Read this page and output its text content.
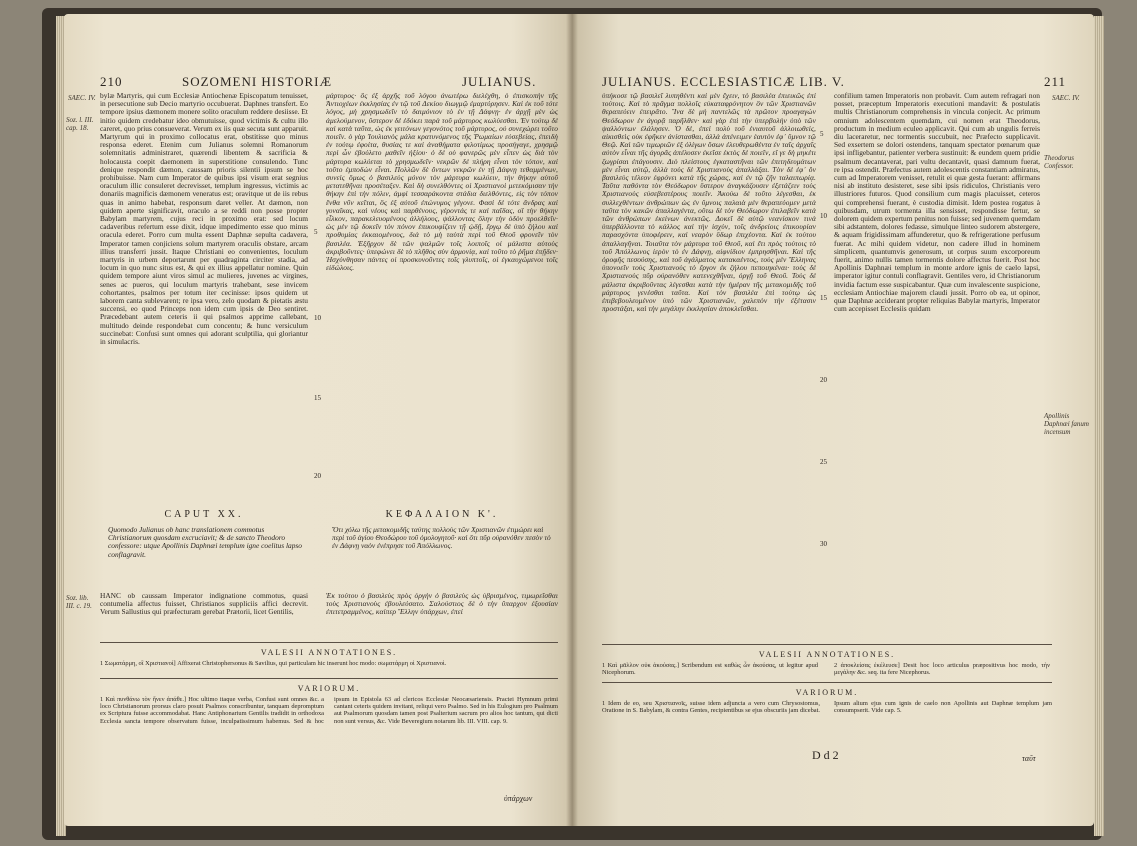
210	SOZOMENI HISTORIÆ	JULIANUS.
SAEC. IV.
Soz. l. III. cap. 18.
bylæ Martyris, qui cum Ecclesiæ Antiochenæ Episcopatum tenuisset, in persecutione sub Decio martyrio occubuerat. Daphnes transfert. Eo tempore ipsius dæmonem monere solito oraculum reddere desiisse. Et initio quidem credebatur ideo obmutuisse, quod victimis & cultu illo careret, quo prius consueverat. Verum ex iis quæ secuta sunt apparuit. Martyrum qui in proximo collocatus erat, obstitisse quo minus responsa ederet. Etenim cum Julianus solemni Romanorum solemnitatis administraret, quærendi libentem & sacrificia & holocausta coepit daemonem in superstitione consulendo. Tunc denique respondit dæmon, caussam prioris silentii ipsum se hoc prohibuisse. Nam cum Imperator de quibus ipsi visum erat segnius oraculum illic consuleret decrevisset, templum ingressus, victimis ac donariis magnificis dæmonem veneratus est; oravitque ut de iis rebus quas in animo habebat, responsum daret veller. At dæmon, non quidem aperte significavit, oraculo a se reddi non posse propter Babylam martyrem, cujus reci in proximo erat: sed locum cadaveribus refertum esse dixit, idque impedimento esse quo minus oracula ederet. Porro cum multa essent Daphnæ sepulta cadavera, Imperator tamen conjiciens solum martyrem oraculis obstare, arcam illius transferri jussit. Itaque Christiani eo convenientes, loculum martyris in urbem deportarunt per quadraginta circiter stadia, ad locum in quo nunc situs est, & qui ex illius appellatur nomine. Quin quidem tempore aiunt viros simul ac mulieres, juvenes ac virgines, senes ac pueros, qui loculum martyris trahebant, sese invicem cohortantes, psalmos per totum iter cecinisse: ipsos quidem ut laborem canta sublevarent; re ipsa vero, zelo quodam & pietatis æstu succensi, eo quod Princeps non idem cum ipsis de Deo sentiret. Præcedebant autem ceteris ii qui psalmos apprime callebant, multitudo deinde respondebat cum concentu; & hunc versiculum succinebat: Confusi sunt omnes qui adorant sculptilia, qui gloriantur in simulacris.
5
10
15
20
μάρτυρος· ὃς ἐξ ἀρχῆς τοῦ λόγου ἀνωτέρω διελέχθη, ὁ ἐπισκοπὴν τῆς Ἀντιοχέων ἐκκλησίας ἐν τῷ τοῦ Δεκίου διωγμῷ ἐμαρτύρησεν. Καὶ ἐκ τοῦ τότε λόγος, μὴ χρησμωδεῖν τὸ δαιμόνιον τὸ ἐν τῇ Δάφνῃ· ἐν ἀρχῇ μὲν ὡς ἀμελούμενον, ὕστερον δὲ ἐδόκει παρὰ τοῦ μάρτυρος κωλύεσθαι. Ἐν τούτῳ δὲ καὶ κατὰ ταῦτα, ὡς ἐκ γειτόνων γεγονότος τοῦ μάρτυρος, οὐ συνεχώρει τοῦτο ποιεῖν. ὁ γὰρ Ἰουλιανὸς μάλα κρατυνόμενος τῆς Ῥωμαίων εὐσεβείας, ἐπειδὴ ἐν τούτῳ ἐφοίτα, θυσίας τε καὶ ἀναθήματα φιλοτίμως προσήγαγε, χρησμῷ περὶ ὧν ἐβούλετο μαθεῖν ἠξίου· ὁ δὲ οὐ φανερῶς μὲν εἶπεν ὡς διὰ τὸν μάρτυρα κωλύεται τὸ χρησμωδεῖν· νεκρῶν δὲ πλήρη εἶναι τὸν τόπον, καὶ τοῦτο ἐμποδὼν εἶναι. Πολλῶν δὲ ὄντων νεκρῶν ἐν τῇ Δάφνῃ τεθαμμένων, συνεὶς ὅμως ὁ βασιλεὺς μόνον τὸν μάρτυρα κωλύειν, τὴν θήκην αὐτοῦ μετατεθῆναι προσέταξεν. Καὶ δὴ συνελθόντες οἱ Χριστιανοὶ μετεκόμισαν τὴν θήκην ἐπὶ τὴν πόλιν, ἀμφὶ τεσσαράκοντα στάδια διελθόντες, εἰς τὸν τόπον ἔνθα νῦν κεῖται, ὃς ἐξ αὐτοῦ ἐπώνυμος γέγονε. Φασὶ δὲ τότε ἄνδρας καὶ γυναῖκας, καὶ νέους καὶ παρθένους, γέροντάς τε καὶ παῖδας, οἳ τὴν θήκην εἷλκον, παρακελευομένους ἀλλήλους, ψάλλοντας ὅλην τὴν ὁδὸν προελθεῖν· ὡς μὲν τῷ δοκεῖν τὸν πόνον ἐπικουφίζειν τῇ ᾠδῇ, ἔργῳ δὲ ὑπὸ ζήλου καὶ προθυμίας ἐκκαιομένους, διὰ τὸ μὴ ταὐτὰ περὶ τοῦ Θεοῦ φρονεῖν τὸν βασιλέα. Ἐξῆρχον δὲ τῶν ψαλμῶν τοῖς λοιποῖς οἱ μάλιστα αὐτοὺς ἀκριβοῦντες· ὑπεφώνει δὲ τὸ πλῆθος σὺν ἁρμονίᾳ, καὶ τοῦτο τὸ ῥῆμα ἐπῇδεν· Ἠσχύνθησαν πάντες οἱ προσκυνοῦντες τοῖς γλυπτοῖς, οἱ ἐγκαυχώμενοι τοῖς εἰδώλοις.
CAPUT XX.	ΚΕΦΑΛΑΙΟΝ Κ'.
Quomodo Julianus ob hanc translationem commotus Christianorum quosdam excruciavit; & de sancto Theodoro confessore: utque Apollinis Daphnæi templum igne coelitus lapso conflagravit.
Ὅτι χόλω τῆς μετακομιδῆς ταύτης πολλοὺς τῶν Χριστιανῶν ἐτιμώρει καὶ περὶ τοῦ ἁγίου Θεοδώρου τοῦ ὁμολογητοῦ· καὶ ὅτι πῦρ οὐρανόθεν πεσὸν τὸ ἐν Δάφνῃ ναὸν ἐνέπρησε τοῦ Ἀπόλλωνος.
Soz. lib. III. c. 19.
HANC ob caussam Imperator indignatione commotus, quasi contumelia affectus fuisset, Christianos suppliciis affici decrevit. Verum Sallustius qui præfecturam gerebat Prætorii, licet Gentilis,
Ἐκ τούτου ὁ βασιλεὺς πρὸς ὀργὴν ὁ βασιλεὺς ὡς ὑβρισμένος, τιμωρεῖσθαι τοὺς Χριστιανοὺς ἐβουλεύσατο. Σαλούστιος δὲ ὁ τὴν ὕπαρχον ἐξουσίαν ἐπιτετραμμένος, καίπερ Ἕλλην ὑπάρχων, ἐπεί
VALESII ANNOTATIONES.
1 Σωματάρμη, οἳ Χριστιανοί] Affixerat Christophersonus & Savilius, qui particulam hic inserunt hoc modo: σωματάρμη οἱ Χριστιανοὶ.
VARIORUM.
1 Καὶ πυνθάνω τὸν ἥνεν ἀπάθε.] Hoc ultimo itaque verba, Confusi sunt omnes &c. a loco Christianorum prorsus claro posuit Psalmos conscribuntur, tanquam depromptum ex Scriptura fuisse accommodabat. Hanc Antiphonarium Gentilis tradidit in orthodoxa Ecclesia sancta tempore observatum fuisse, inculpatissimum habemus. Sed & hoc ipsum in Epistola 63 ad clericos Ecclesiæ Neocæsariensis. Practei Hymnum primi cantant ceteris quidem invitant, reliqui vero Psalmo. Sed in his Eulogium pro Psalmum aut Psalmorum quosdam tamen post Psalterium sacrum pro alios hoc tantum, qui dicti non sunt versus, &c. Vide Beveregium notarum lib. III. VIII. cap. 9.
ὑπάρχων
JULIANUS. ECCLESIASTICÆ LIB. V.	211
SAEC. IV.
Theodorus Confessor.
Apollinis Daphnæi fanum incensum
ὑπήκοσε τῷ βασιλεῖ λυπηθέντι καὶ μὲν ἔχειν, τὸ βασιλέα ἐπιεικῶς ἐπὶ τούτοις. Καὶ τὸ πρᾶγμα πολλοῖς εὐκαταφρόνητον ὃν τῶν Χριστιανῶν θεραπεύειν ἐπειρᾶτο. Ἵνα δὲ μὴ παντελῶς τὰ πρῶτον προαγαγὼν Θεόδωρον ἐν ἀγορᾷ παρῆλθεν· καὶ γὰρ ἐπὶ τὴν ὑπερβολὴν ὑπὸ τῶν ψαλλόντων ἐλάλησεν. Ὁ δὲ, ἐπεὶ πολὺ τοῦ ἐνιαυτοῦ ἀλλοιωθεὶς, αἰκισθεὶς οὐκ ἐφῆκεν ἀνίστασθαι, ἀλλὰ ἀπένειμεν ἑαυτὸν ἐφ᾽ ὕμνον τῷ Θεῷ. Καὶ τῶν τιμωριῶν ἐξ ὀλίγων ὅσων ἐλευθερωθέντα ἐν ταῖς ἀρχαῖς αὐτὸν εἶναι τῆς ἀγορᾶς ἀπέλυσεν ἐκεῖσε ἐκτὸς δὲ ποιεῖν, εἴ γε δὴ μηκέτι ζωγρίσαι ἐπάγουσιν. Διὸ πλείστους ἐγκαταστῆναι τῶν ἐπιτηδευμάτων μὲν εἶναι αὐτῷ, ἀλλὰ τοὺς δὲ Χριστιανοὺς ἀπαλλάξαι. Τὸν δὲ ἐφ᾽ ὃν βασιλεὺς τέλεον ἐφρόνει κατὰ τῆς χώρας, καὶ ἐν τῷ ζῆν ταλαιπωρίᾳ. Ταῦτα παθόντα τὸν Θεόδωρον ὕστερον ἀναγκάζουσιν ἐξετάζειν τοὺς Χριστιανοὺς εὐσεβεστέρους ποιεῖν. Ἀκούω δὲ τοῦτο λέγεσθαι, ἐκ συλλεχθέντων ἀνθρώπων ὡς ἐν ὕμνοις παλαιὰ μὲν θεραπεύομεν μετὰ ταῦτα τὸν κακῶν ἀπαλλαγέντα, οὕτω δὲ τὸν Θεόδωρον ἐπιλαβεῖν κατὰ τῶν ἀνθρώπων ἐκείνων ἀνεκτῶς. Δοκεῖ δὲ αὐτῷ νεανίσκον τινὰ ὑπερβάλλοντα τὸ κάλλος καὶ τὴν ἰσχὺν, τοῖς ἀνδρείοις ἐπικουρίαν παρασχόντα ὑποφέρειν, καὶ νεαρὸν ὕδωρ ἐπιχέοντα. Καὶ ἐκ τούτου ἀπαλλαγῆναι. Τοιαῦτα τὸν μάρτυρα τοῦ Θεοῦ, καὶ ἔτι πρὸς τούτοις τὸ τοῦ Ἀπόλλωνος ἱερὸν τὸ ἐν Δάφνῃ, αἰφνίδιον ἐμπρησθῆναι. Καὶ τῆς ὀροφῆς πεσούσης, καὶ τοῦ ἀγάλματος κατακαέντος, τοὺς μὲν Ἕλληνας ὑπονοεῖν τοὺς Χριστιανοὺς τὸ ἔργον ἐκ ζήλου πεποιηκέναι· τοὺς δὲ Χριστιανοὺς πῦρ οὐρανόθεν κατενεχθῆναι, ὀργῇ τοῦ Θεοῦ. Τοὺς δὲ μάλιστα ἀκριβοῦντας λέγεσθαι κατὰ τὴν ἡμέραν τῆς μετακομιδῆς τοῦ μάρτυρος γενέσθαι ταῦτα. Καὶ τὸν βασιλέα ἐπὶ τούτῳ ὡς ἐπιβεβουλευμένον ὑπὸ τῶν Χριστιανῶν, χαλεπὸν τὴν ἐξέτασιν προστάξαι, καὶ τὴν μεγάλην ἐκκλησίαν ἀποκλεῖσθαι.
5
10
15
20
25
30
confilium tamen Imperatoris non probavit. Cum autem refragari non posset, præceptum Imperatoris executioni mandavit: & postulatis multis Christianorum comprehensis in vincula conjecit. Ac primum omnium adolescentem quemdam, cui nomen erat Theodorus, productum in medium eculeo applicavit. Qui cum ab ungulis ferreis diu laceraretur, nec tormentis succubuit, nec Præfecto supplicavit. Sed exsertem se dolori ostendens, tanquam spectator pœnarum quæ ipsi infligebantur, patienter verbera sustinuit: & eundem quem pridie psalmum decantaverat, pari vultu decantavit, quasi damnum fuerat, re ipsa ostendit. Præfectus autem adolescentis constantiam admiratus, cum ad Imperatorem venisset, retulit ei quæ gesta fuerant: affirmans nisi ab instituto desisteret, sese sibi ipsis ridiculos, Christianis vero illustriores futuros. Quod consilium cum magis placuisset, ceteros qui comprehensi fuerant, è custodia dimisit. Idem postea rogatus à quibusdam, utrum tormenta illa sensisset, respondisse fertur, se dolorem quidem expertum penitus non fuisse; sed juvenem quemdam sibi adstantem, dolores fedasse, simulque linteo sudorem abstergere, & aquam frigidissimam affunderetur, quo & refrigeratione perfusum fuerat. Ac mihi quidem videtur, non cadere illud in hominem simplicem, quantumvis generosum, ut corpus suum excorporeum fuerit, animo nullis tamen tormentis dolore affectus fuerit. Post hoc Apollinis Daphnæi templum in monte ardore ignis de caelo lapsi, imperator igitur contuli conflagravit. Gentiles vero, id Christianorum invidia factum esse suspicabantur. Quæ cum invalescente suspicione, ecclesiam Antiochiae majorem claudi jussit. Porro ob ea, ut opinor, quæ Daphnæ acciderant propter reliquias Babylæ martyris, Imperator cum accepisset Ecclesiis quidam
VALESII ANNOTATIONES.
1 Καὶ μᾶλλον οὐκ ἀκούσας.] Scribendum est καθὼς ὧν ἀκούσας, ut legitur apud Nicephorum.
2 ἀποκλείσας ἐκέλευσε] Desit hoc loco articulus præpositivus hoc modo, τὴν μεγάλην &c. seq. ita fere Nicephorus.
VARIORUM.
1 Idem de eo, seu Χριστιανοῖς, suisse idem adjuncta a vero cum Chrysostomus, Oratione in S. Babylam, & contra Gentes, recipientibus se ejus obscuriis jam dicebat. Ipsum alium ejus cum ignis de caelo non Apollinis aut Daphnæ templum jam consumpserit. Vide cap. 5.
D d 2	ταῦτ
